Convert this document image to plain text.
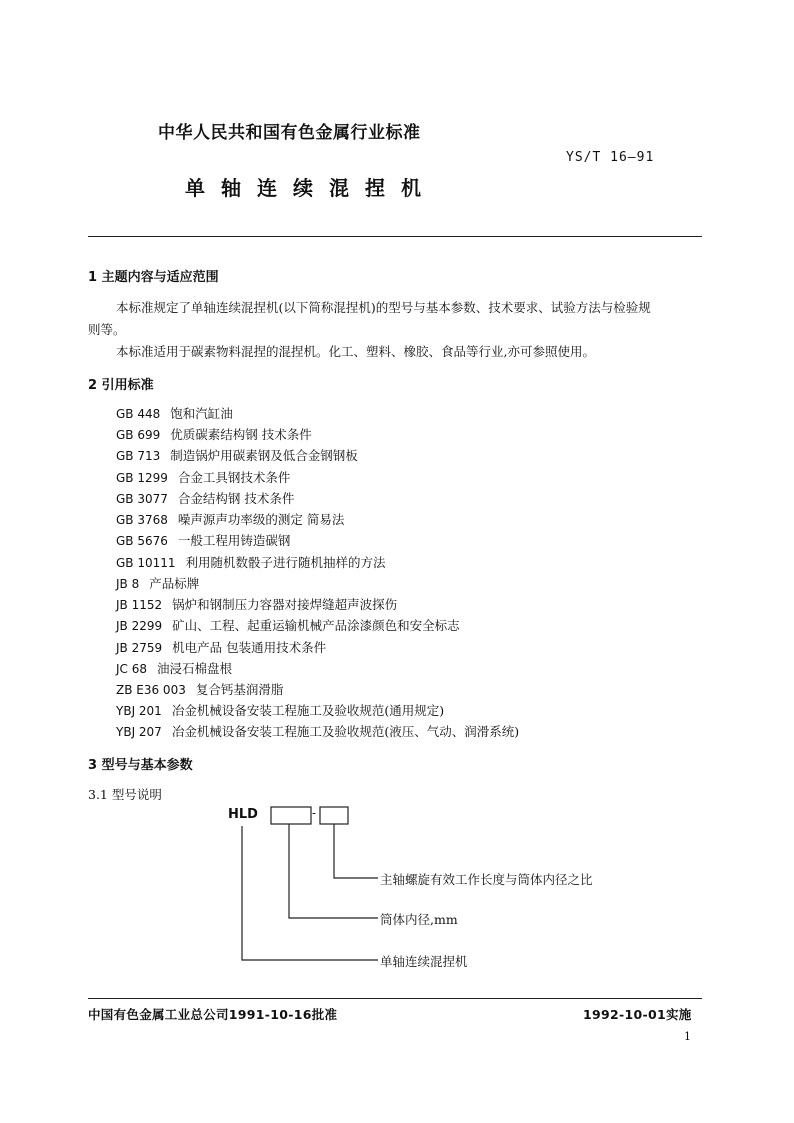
中华人民共和国有色金属行业标准
YS/T 16—91
单轴连续混捏机
1 主题内容与适应范围
本标准规定了单轴连续混捏机(以下简称混捏机)的型号与基本参数、技术要求、试验方法与检验规
则等。
本标准适用于碳素物料混捏的混捏机。化工、塑料、橡胶、食品等行业,亦可参照使用。
2 引用标准
GB 448 饱和汽缸油
GB 699 优质碳素结构钢 技术条件
GB 713 制造锅炉用碳素钢及低合金钢钢板
GB 1299 合金工具钢技术条件
GB 3077 合金结构钢 技术条件
GB 3768 噪声源声功率级的测定 简易法
GB 5676 一般工程用铸造碳钢
GB 10111 利用随机数骰子进行随机抽样的方法
JB 8 产品标牌
JB 1152 锅炉和钢制压力容器对接焊缝超声波探伤
JB 2299 矿山、工程、起重运输机械产品涂漆颜色和安全标志
JB 2759 机电产品 包装通用技术条件
JC 68 油浸石棉盘根
ZB E36 003 复合钙基润滑脂
YBJ 201 冶金机械设备安装工程施工及验收规范(通用规定)
YBJ 207 冶金机械设备安装工程施工及验收规范(液压、气动、润滑系统)
3 型号与基本参数
3.1 型号说明
HLD	-
主轴螺旋有效工作长度与筒体内径之比
筒体内径,mm
单轴连续混捏机
中国有色金属工业总公司1991-10-16批准	1992-10-01实施
1
